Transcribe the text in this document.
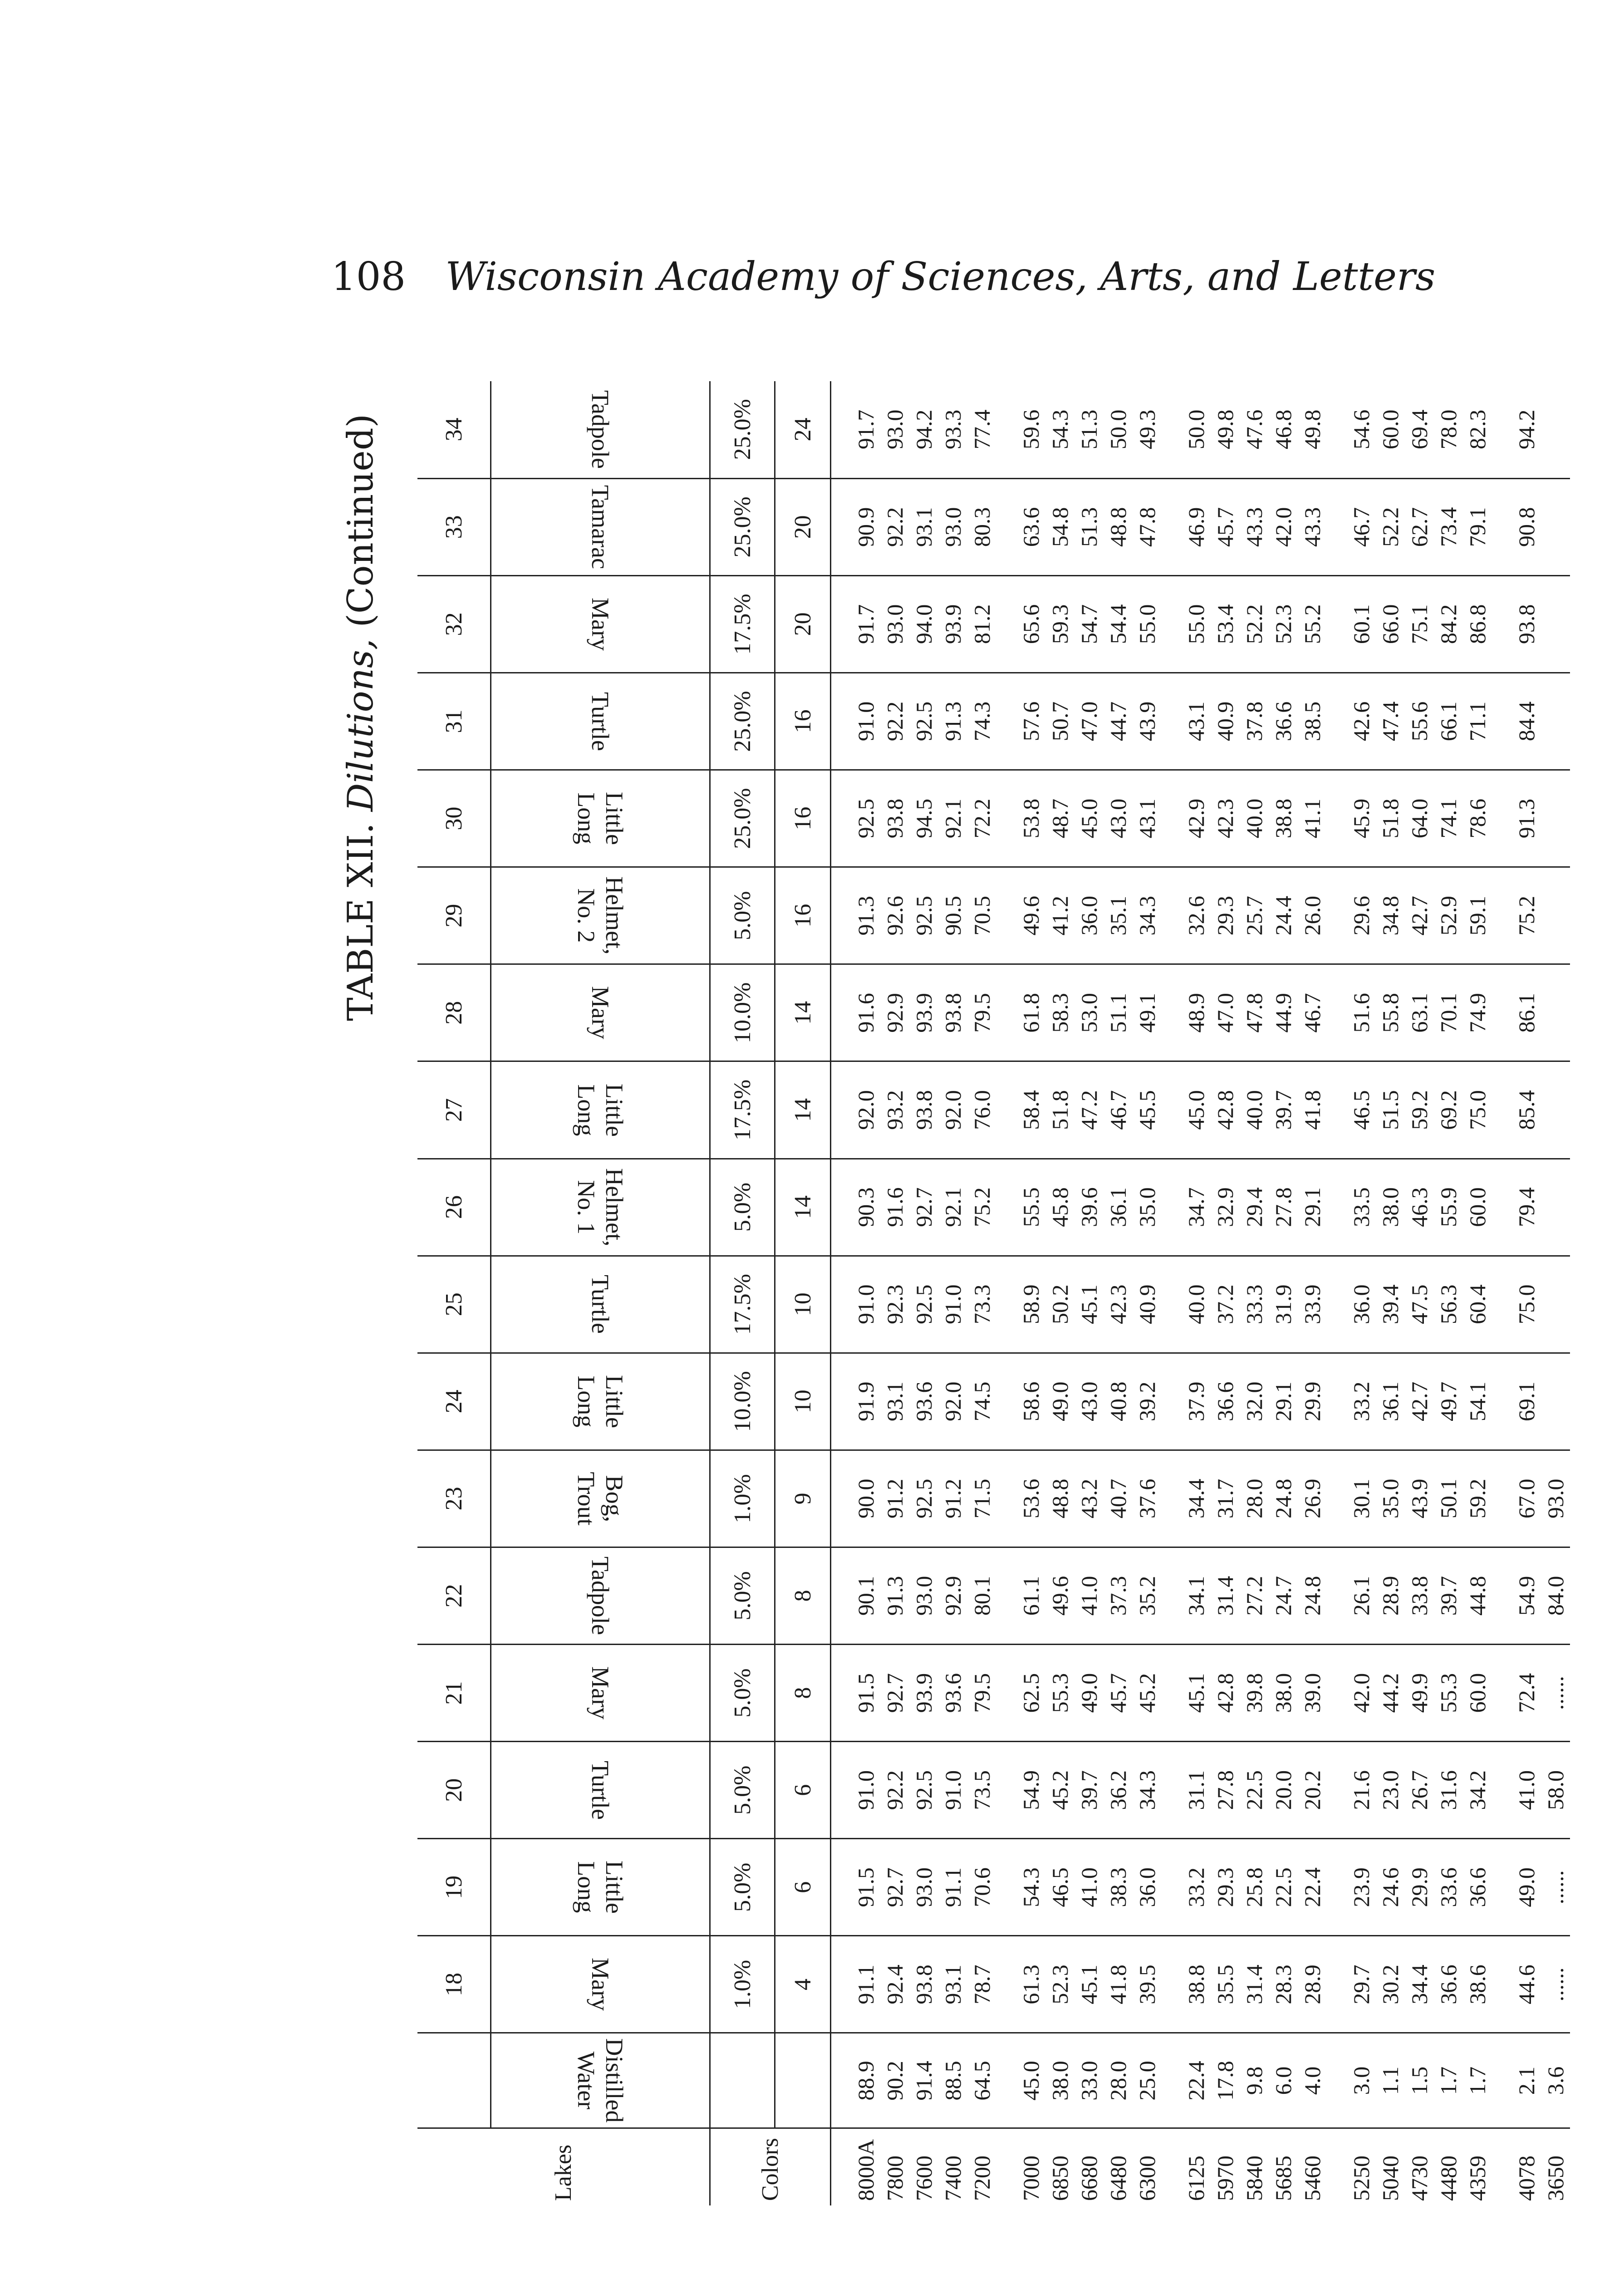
108 Wisconsin Academy of Sciences, Arts, and Letters
TABLE XII. Dilutions, (Continued)
Lakes		18	19	20	21	22	23	24	25	26	27	28	29	30	31	32	33	34
	Distilled Water	Mary	Little Long	Turtle	Mary	Tadpole	Bog, Trout	Little Long	Turtle	Helmet, No. 1	Little Long	Mary	Helmet, No. 2	Little Long	Turtle	Mary	Tamarac	Tadpole
Colors		1.0%	5.0%	5.0%	5.0%	5.0%	1.0%	10.0%	17.5%	5.0%	17.5%	10.0%	5.0%	25.0%	25.0%	17.5%	25.0%	25.0%
		4	6	6	8	8	9	10	10	14	14	14	16	16	16	20	20	24

8000A	88.9	91.1	91.5	91.0	91.5	90.1	90.0	91.9	91.0	90.3	92.0	91.6	91.3	92.5	91.0	91.7	90.9	91.7
7800	90.2	92.4	92.7	92.2	92.7	91.3	91.2	93.1	92.3	91.6	93.2	92.9	92.6	93.8	92.2	93.0	92.2	93.0
7600	91.4	93.8	93.0	92.5	93.9	93.0	92.5	93.6	92.5	92.7	93.8	93.9	92.5	94.5	92.5	94.0	93.1	94.2
7400	88.5	93.1	91.1	91.0	93.6	92.9	91.2	92.0	91.0	92.1	92.0	93.8	90.5	92.1	91.3	93.9	93.0	93.3
7200	64.5	78.7	70.6	73.5	79.5	80.1	71.5	74.5	73.3	75.2	76.0	79.5	70.5	72.2	74.3	81.2	80.3	77.4

7000	45.0	61.3	54.3	54.9	62.5	61.1	53.6	58.6	58.9	55.5	58.4	61.8	49.6	53.8	57.6	65.6	63.6	59.6
6850	38.0	52.3	46.5	45.2	55.3	49.6	48.8	49.0	50.2	45.8	51.8	58.3	41.2	48.7	50.7	59.3	54.8	54.3
6680	33.0	45.1	41.0	39.7	49.0	41.0	43.2	43.0	45.1	39.6	47.2	53.0	36.0	45.0	47.0	54.7	51.3	51.3
6480	28.0	41.8	38.3	36.2	45.7	37.3	40.7	40.8	42.3	36.1	46.7	51.1	35.1	43.0	44.7	54.4	48.8	50.0
6300	25.0	39.5	36.0	34.3	45.2	35.2	37.6	39.2	40.9	35.0	45.5	49.1	34.3	43.1	43.9	55.0	47.8	49.3

6125	22.4	38.8	33.2	31.1	45.1	34.1	34.4	37.9	40.0	34.7	45.0	48.9	32.6	42.9	43.1	55.0	46.9	50.0
5970	17.8	35.5	29.3	27.8	42.8	31.4	31.7	36.6	37.2	32.9	42.8	47.0	29.3	42.3	40.9	53.4	45.7	49.8
5840	9.8	31.4	25.8	22.5	39.8	27.2	28.0	32.0	33.3	29.4	40.0	47.8	25.7	40.0	37.8	52.2	43.3	47.6
5685	6.0	28.3	22.5	20.0	38.0	24.7	24.8	29.1	31.9	27.8	39.7	44.9	24.4	38.8	36.6	52.3	42.0	46.8
5460	4.0	28.9	22.4	20.2	39.0	24.8	26.9	29.9	33.9	29.1	41.8	46.7	26.0	41.1	38.5	55.2	43.3	49.8

5250	3.0	29.7	23.9	21.6	42.0	26.1	30.1	33.2	36.0	33.5	46.5	51.6	29.6	45.9	42.6	60.1	46.7	54.6
5040	1.1	30.2	24.6	23.0	44.2	28.9	35.0	36.1	39.4	38.0	51.5	55.8	34.8	51.8	47.4	66.0	52.2	60.0
4730	1.5	34.4	29.9	26.7	49.9	33.8	43.9	42.7	47.5	46.3	59.2	63.1	42.7	64.0	55.6	75.1	62.7	69.4
4480	1.7	36.6	33.6	31.6	55.3	39.7	50.1	49.7	56.3	55.9	69.2	70.1	52.9	74.1	66.1	84.2	73.4	78.0
4359	1.7	38.6	36.6	34.2	60.0	44.8	59.2	54.1	60.4	60.0	75.0	74.9	59.1	78.6	71.1	86.8	79.1	82.3

4078	2.1	44.6	49.0	41.0	72.4	54.9	67.0	69.1	75.0	79.4	85.4	86.1	75.2	91.3	84.4	93.8	90.8	94.2
3650	3.6	......	......	58.0	......	84.0	93.0											
